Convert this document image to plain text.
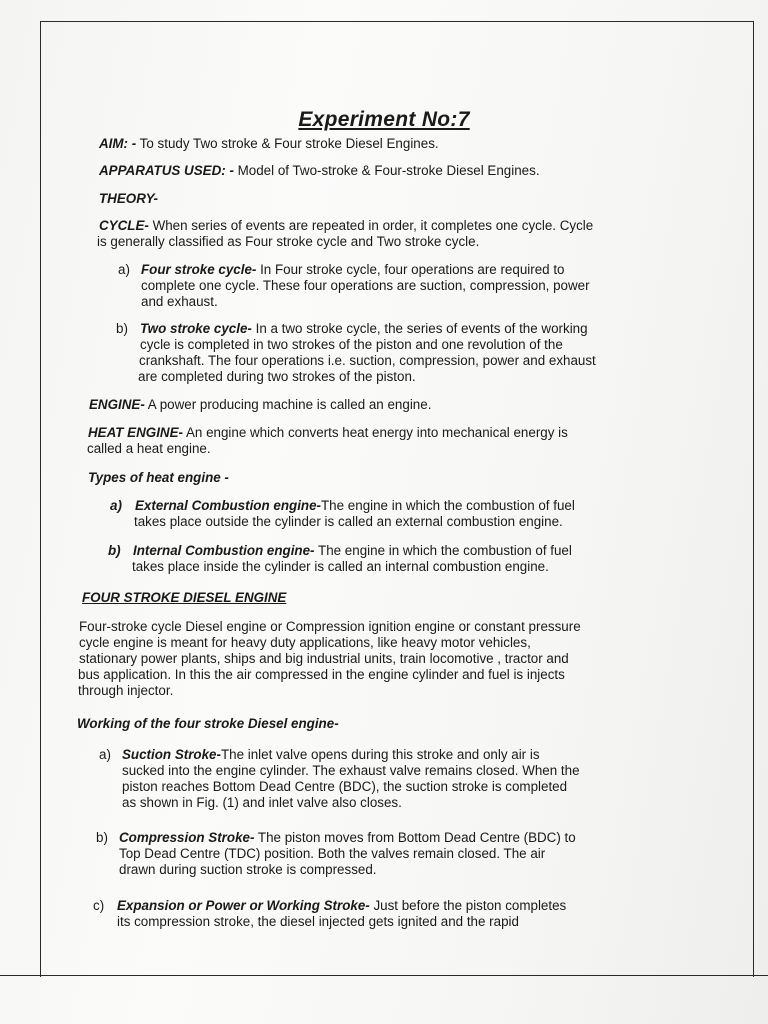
Experiment No:7
AIM: - To study Two stroke & Four stroke Diesel Engines.
APPARATUS USED: - Model of Two-stroke & Four-stroke Diesel Engines.
THEORY-
CYCLE- When series of events are repeated in order, it completes one cycle. Cycle
is generally classified as Four stroke cycle and Two stroke cycle.
a) Four stroke cycle- In Four stroke cycle, four operations are required to
complete one cycle. These four operations are suction, compression, power
and exhaust.
b) Two stroke cycle- In a two stroke cycle, the series of events of the working
cycle is completed in two strokes of the piston and one revolution of the
crankshaft. The four operations i.e. suction, compression, power and exhaust
are completed during two strokes of the piston.
ENGINE- A power producing machine is called an engine.
HEAT ENGINE- An engine which converts heat energy into mechanical energy is
called a heat engine.
Types of heat engine -
a) External Combustion engine-The engine in which the combustion of fuel
takes place outside the cylinder is called an external combustion engine.
b) Internal Combustion engine- The engine in which the combustion of fuel
takes place inside the cylinder is called an internal combustion engine.
FOUR STROKE DIESEL ENGINE
Four-stroke cycle Diesel engine or Compression ignition engine or constant pressure
cycle engine is meant for heavy duty applications, like heavy motor vehicles,
stationary power plants, ships and big industrial units, train locomotive , tractor and
bus application. In this the air compressed in the engine cylinder and fuel is injects
through injector.
Working of the four stroke Diesel engine-
a) Suction Stroke-The inlet valve opens during this stroke and only air is
sucked into the engine cylinder. The exhaust valve remains closed. When the
piston reaches Bottom Dead Centre (BDC), the suction stroke is completed
as shown in Fig. (1) and inlet valve also closes.
b) Compression Stroke- The piston moves from Bottom Dead Centre (BDC) to
Top Dead Centre (TDC) position. Both the valves remain closed. The air
drawn during suction stroke is compressed.
c) Expansion or Power or Working Stroke- Just before the piston completes
its compression stroke, the diesel injected gets ignited and the rapid
